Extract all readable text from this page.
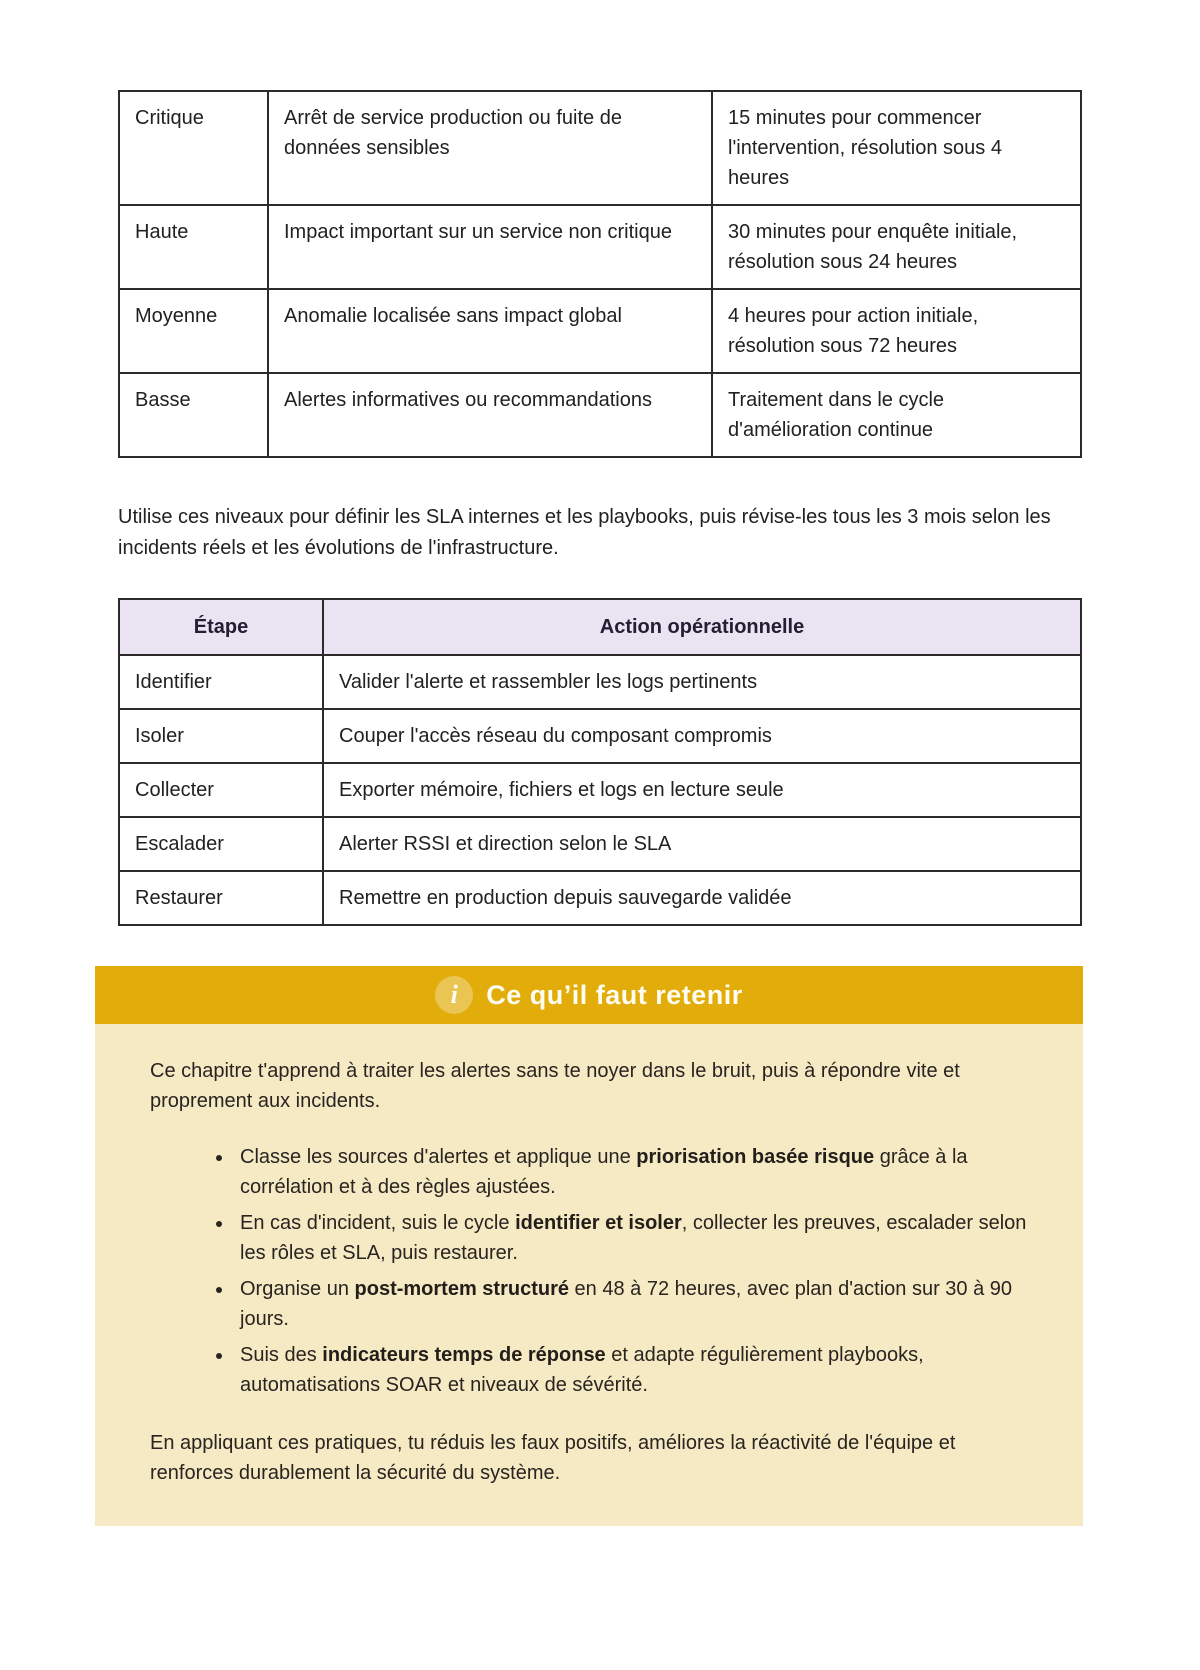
Critique	Arrêt de service production ou fuite de données sensibles	15 minutes pour commencer l'intervention, résolution sous 4 heures
Haute	Impact important sur un service non critique	30 minutes pour enquête initiale, résolution sous 24 heures
Moyenne	Anomalie localisée sans impact global	4 heures pour action initiale, résolution sous 72 heures
Basse	Alertes informatives ou recommandations	Traitement dans le cycle d'amélioration continue

Utilise ces niveaux pour définir les SLA internes et les playbooks, puis révise-les tous les 3 mois selon les incidents réels et les évolutions de l'infrastructure.

Étape	Action opérationnelle
Identifier	Valider l'alerte et rassembler les logs pertinents
Isoler	Couper l'accès réseau du composant compromis
Collecter	Exporter mémoire, fichiers et logs en lecture seule
Escalader	Alerter RSSI et direction selon le SLA
Restaurer	Remettre en production depuis sauvegarde validée
i	Ce qu’il faut retenir

Ce chapitre t'apprend à traiter les alertes sans te noyer dans le bruit, puis à répondre vite et proprement aux incidents.

• Classe les sources d'alertes et applique une priorisation basée risque grâce à la corrélation et à des règles ajustées.
• En cas d'incident, suis le cycle identifier et isoler, collecter les preuves, escalader selon les rôles et SLA, puis restaurer.
• Organise un post-mortem structuré en 48 à 72 heures, avec plan d'action sur 30 à 90 jours.
• Suis des indicateurs temps de réponse et adapte régulièrement playbooks, automatisations SOAR et niveaux de sévérité.

En appliquant ces pratiques, tu réduis les faux positifs, améliores la réactivité de l'équipe et renforces durablement la sécurité du système.
